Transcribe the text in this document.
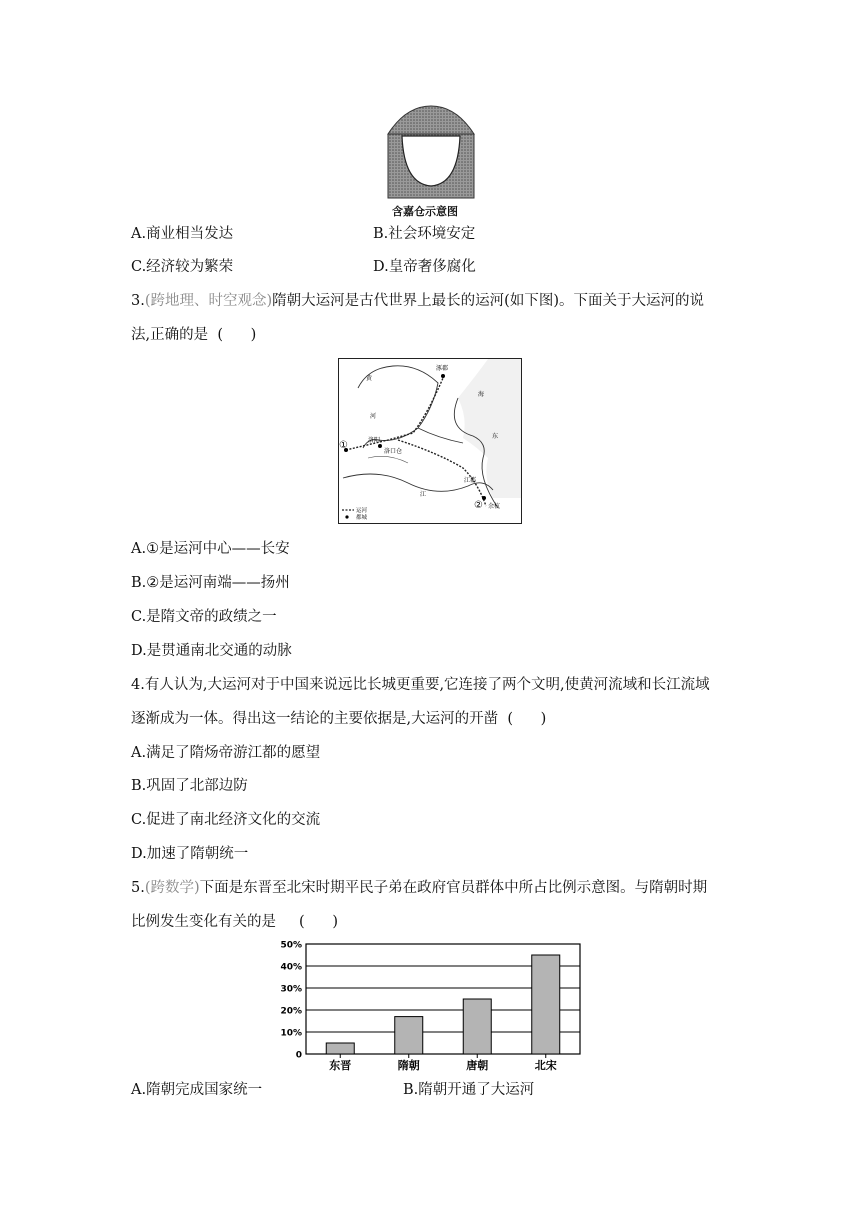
含嘉仓示意图
A.商业相当发达	B.社会环境安定
C.经济较为繁荣	D.皇帝奢侈腐化
3.(跨地理、时空观念)隋朝大运河是古代世界上最长的运河(如下图)。下面关于大运河的说
法,正确的是  (      )
涿郡
洛阳
洛口仓
江都
余杭
黄
河
海
东
江
①
②
运河
都城
A.①是运河中心——长安
B.②是运河南端——扬州
C.是隋文帝的政绩之一
D.是贯通南北交通的动脉
4.有人认为,大运河对于中国来说远比长城更重要,它连接了两个文明,使黄河流域和长江流域
逐渐成为一体。得出这一结论的主要依据是,大运河的开凿  (      )
A.满足了隋炀帝游江都的愿望
B.巩固了北部边防
C.促进了南北经济文化的交流
D.加速了隋朝统一
5.(跨数学)下面是东晋至北宋时期平民子弟在政府官员群体中所占比例示意图。与隋朝时期
比例发生变化有关的是     (      )
0
10%
20%
30%
40%
50%
东晋	隋朝	唐朝	北宋
A.隋朝完成国家统一	B.隋朝开通了大运河
